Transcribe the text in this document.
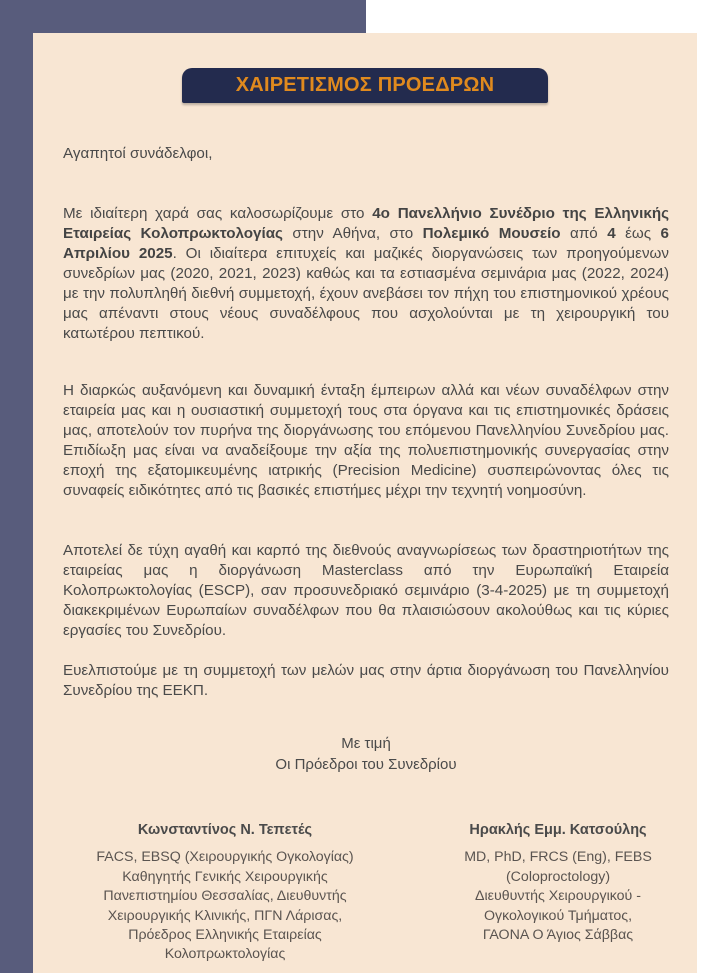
ΧΑΙΡΕΤΙΣΜΟΣ ΠΡΟΕΔΡΩΝ
Αγαπητοί συνάδελφοι,
Με ιδιαίτερη χαρά σας καλοσωρίζουμε στο 4ο Πανελλήνιο Συνέδριο της Ελληνικής Εταιρείας Κολοπρωκτολογίας στην Αθήνα, στο Πολεμικό Μουσείο από 4 έως 6 Απριλίου 2025. Οι ιδιαίτερα επιτυχείς και μαζικές διοργανώσεις των προηγούμενων συνεδρίων μας (2020, 2021, 2023) καθώς και τα εστιασμένα σεμινάρια μας (2022, 2024) με την πολυπληθή διεθνή συμμετοχή, έχουν ανεβάσει τον πήχη του επιστημονικού χρέους μας απέναντι στους νέους συναδέλφους που ασχολούνται με τη χειρουργική του κατωτέρου πεπτικού.
Η διαρκώς αυξανόμενη και δυναμική ένταξη έμπειρων αλλά και νέων συναδέλφων στην εταιρεία μας και η ουσιαστική συμμετοχή τους στα όργανα και τις επιστημονικές δράσεις μας, αποτελούν τον πυρήνα της διοργάνωσης του επόμενου Πανελληνίου Συνεδρίου μας. Επιδίωξη μας είναι να αναδείξουμε την αξία της πολυεπιστημονικής συνεργασίας στην εποχή της εξατομικευμένης ιατρικής (Precision Medicine) συσπειρώνοντας όλες τις συναφείς ειδικότητες από τις βασικές επιστήμες μέχρι την τεχνητή νοημοσύνη.
Αποτελεί δε τύχη αγαθή και καρπό της διεθνούς αναγνωρίσεως των δραστηριοτήτων της εταιρείας μας η διοργάνωση Masterclass από την Ευρωπαϊκή Εταιρεία Κολοπρωκτολογίας (ESCP), σαν προσυνεδριακό σεμινάριο (3-4-2025) με τη συμμετοχή διακεκριμένων Ευρωπαίων συναδέλφων που θα πλαισιώσουν ακολούθως και τις κύριες εργασίες του Συνεδρίου.
Ευελπιστούμε με τη συμμετοχή των μελών μας στην άρτια διοργάνωση του Πανελληνίου Συνεδρίου της ΕΕΚΠ.
Με τιμή
Οι Πρόεδροι του Συνεδρίου
Κωνσταντίνος Ν. Τεπετές
FACS, EBSQ (Χειρουργικής Ογκολογίας)
Καθηγητής Γενικής Χειρουργικής
Πανεπιστημίου Θεσσαλίας, Διευθυντής
Χειρουργικής Κλινικής, ΠΓΝ Λάρισας,
Πρόεδρος Ελληνικής Εταιρείας
Κολοπρωκτολογίας
Ηρακλής Εμμ. Κατσούλης
MD, PhD, FRCS (Eng), FEBS
(Coloproctology)
Διευθυντής Χειρουργικού -
Ογκολογικού Τμήματος,
ΓΑΟΝΑ Ο Άγιος Σάββας
